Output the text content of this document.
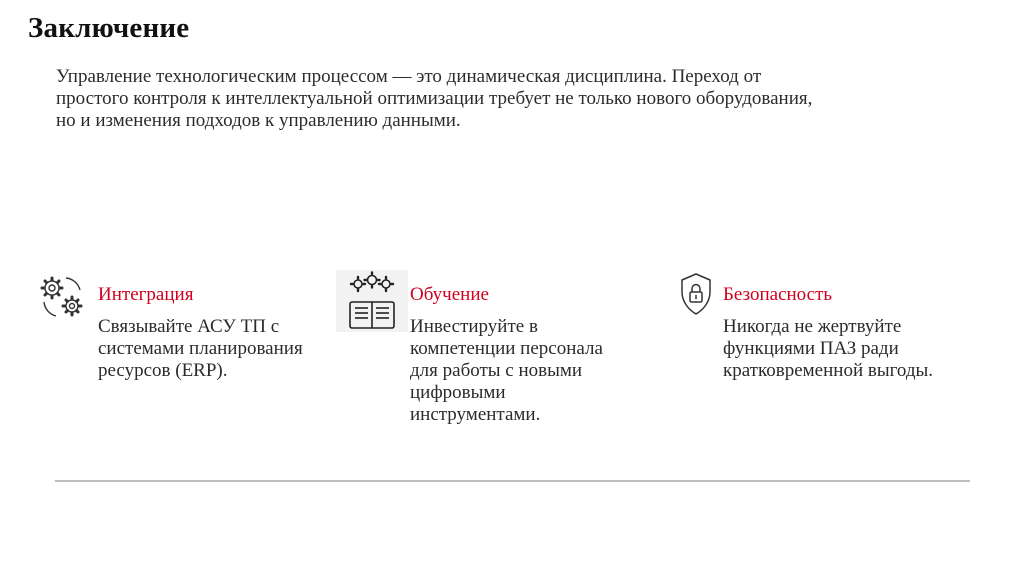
Заключение
Управление технологическим процессом — это динамическая дисциплина. Переход от
простого контроля к интеллектуальной оптимизации требует не только нового оборудования,
но и изменения подходов к управлению данными.
Интеграция
Связывайте АСУ ТП с
системами планирования
ресурсов (ERP).
Обучение
Инвестируйте в
компетенции персонала
для работы с новыми
цифровыми
инструментами.
Безопасность
Никогда не жертвуйте
функциями ПАЗ ради
кратковременной выгоды.
